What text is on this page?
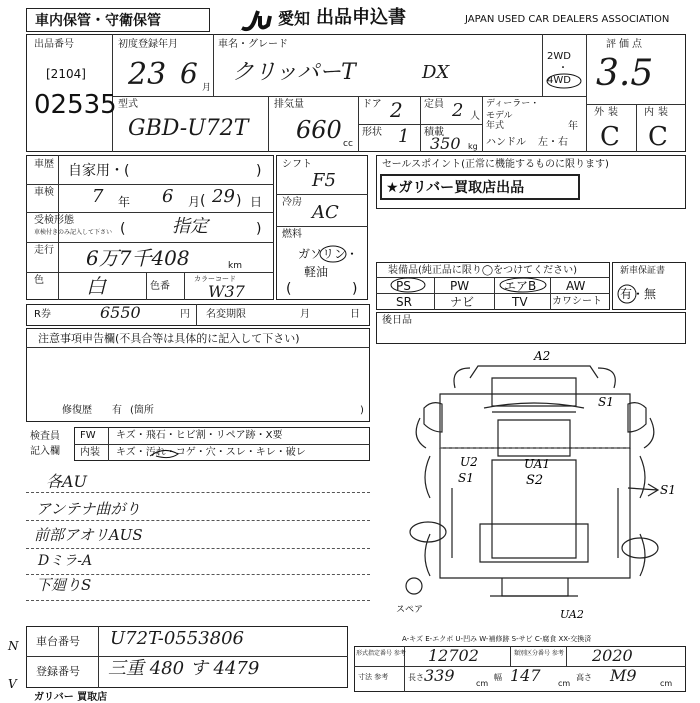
車内保管・守衛保管
Ju
愛知 出品申込書	JAPAN USED CAR DEALERS ASSOCIATION
出品番号
[2104]
02535
初度登録年月
23 6 月
車名・グレード
クリッパーT	DX
2WD
・
4WD
評価点
3.5
型式
GBD-U72T
排気量
660 cc
ドア 2 定員 2 人
形状 1 積載
350 kg
ディーラー・
モデル
年式	年
ハンドル 左・右
外装 内装
C C
車歴 自家用・(	)
車検 7 年 6 月 ( 29 ) 日
受検形態
車検付きのみ記入して下さい (	指定	)
走行 6万7千408	km
色 白	色番
カラーコード
W37
シフト
F5
冷房 AC
燃料
ガソリン・
軽油
(	)
セールスポイント(正常に機能するものに限ります)
★ガリバー買取店出品
装備品(純正品に限り◯をつけてください)
PS	PW	エアB AW
SR	ナビ	TV カワシート
新車保証書
有・無
後日品
R券	6550	円 名変期限	月	日
注意事項申告欄(不具合等は具体的に記入して下さい)
修復歴 有 (箇所	)
検査員
記入欄
FW キズ・飛石・ヒビ割・リペア跡・X要
内装 キズ・汚れ・コゲ・穴・スレ・キレ・破レ
各AU
アンテナ曲がり
前部アオリAUS
Dミラ-A
下廻りS
A2
S1
U2
S1
UA1
S2
S1
UA2
スペア
A-キズ E-エクボ U-凹み W-補修跡 S-サビ C-腐食 XX-交換済
N
V
車台番号 U72T-0553806
登録番号 三重 480 す 4479
形式指定番号 参考 12702	類別区分番号 参考 2020
寸法 参考 長さ 339	cm
幅 147 cm
高さ M9	cm
ガリバー 買取店
